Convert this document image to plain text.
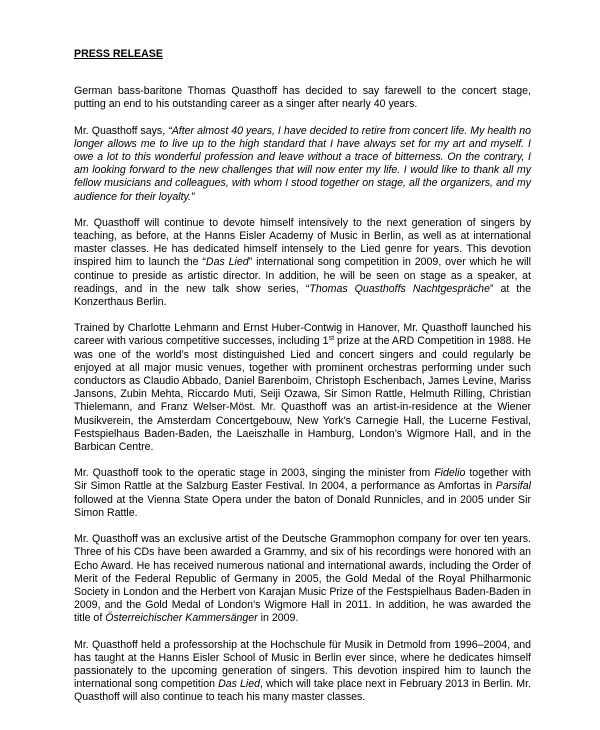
PRESS RELEASE

German bass-baritone Thomas Quasthoff has decided to say farewell to the concert stage, putting an end to his outstanding career as a singer after nearly 40 years.

Mr. Quasthoff says, “After almost 40 years, I have decided to retire from concert life. My health no longer allows me to live up to the high standard that I have always set for my art and myself. I owe a lot to this wonderful profession and leave without a trace of bitterness. On the contrary, I am looking forward to the new challenges that will now enter my life. I would like to thank all my fellow musicians and colleagues, with whom I stood together on stage, all the organizers, and my audience for their loyalty.”

Mr. Quasthoff will continue to devote himself intensively to the next generation of singers by teaching, as before, at the Hanns Eisler Academy of Music in Berlin, as well as at international master classes. He has dedicated himself intensely to the Lied genre for years. This devotion inspired him to launch the “Das Lied” international song competition in 2009, over which he will continue to preside as artistic director. In addition, he will be seen on stage as a speaker, at readings, and in the new talk show series, “Thomas Quasthoffs Nachtgespräche” at the Konzerthaus Berlin.

Trained by Charlotte Lehmann and Ernst Huber-Contwig in Hanover, Mr. Quasthoff launched his career with various competitive successes, including 1st prize at the ARD Competition in 1988. He was one of the world’s most distinguished Lied and concert singers and could regularly be enjoyed at all major music venues, together with prominent orchestras performing under such conductors as Claudio Abbado, Daniel Barenboim, Christoph Eschenbach, James Levine, Mariss Jansons, Zubin Mehta, Riccardo Muti, Seiji Ozawa, Sir Simon Rattle, Helmuth Rilling, Christian Thielemann, and Franz Welser-Möst. Mr. Quasthoff was an artist-in-residence at the Wiener Musikverein, the Amsterdam Concertgebouw, New York’s Carnegie Hall, the Lucerne Festival, Festspielhaus Baden-Baden, the Laeiszhalle in Hamburg, London’s Wigmore Hall, and in the Barbican Centre.

Mr. Quasthoff took to the operatic stage in 2003, singing the minister from Fidelio together with Sir Simon Rattle at the Salzburg Easter Festival. In 2004, a performance as Amfortas in Parsifal followed at the Vienna State Opera under the baton of Donald Runnicles, and in 2005 under Sir Simon Rattle.

Mr. Quasthoff was an exclusive artist of the Deutsche Grammophon company for over ten years. Three of his CDs have been awarded a Grammy, and six of his recordings were honored with an Echo Award. He has received numerous national and international awards, including the Order of Merit of the Federal Republic of Germany in 2005, the Gold Medal of the Royal Philharmonic Society in London and the Herbert von Karajan Music Prize of the Festspielhaus Baden-Baden in 2009, and the Gold Medal of London’s Wigmore Hall in 2011. In addition, he was awarded the title of Österreichischer Kammersänger in 2009.

Mr. Quasthoff held a professorship at the Hochschule für Musik in Detmold from 1996–2004, and has taught at the Hanns Eisler School of Music in Berlin ever since, where he dedicates himself passionately to the upcoming generation of singers. This devotion inspired him to launch the international song competition Das Lied, which will take place next in February 2013 in Berlin. Mr. Quasthoff will also continue to teach his many master classes.
